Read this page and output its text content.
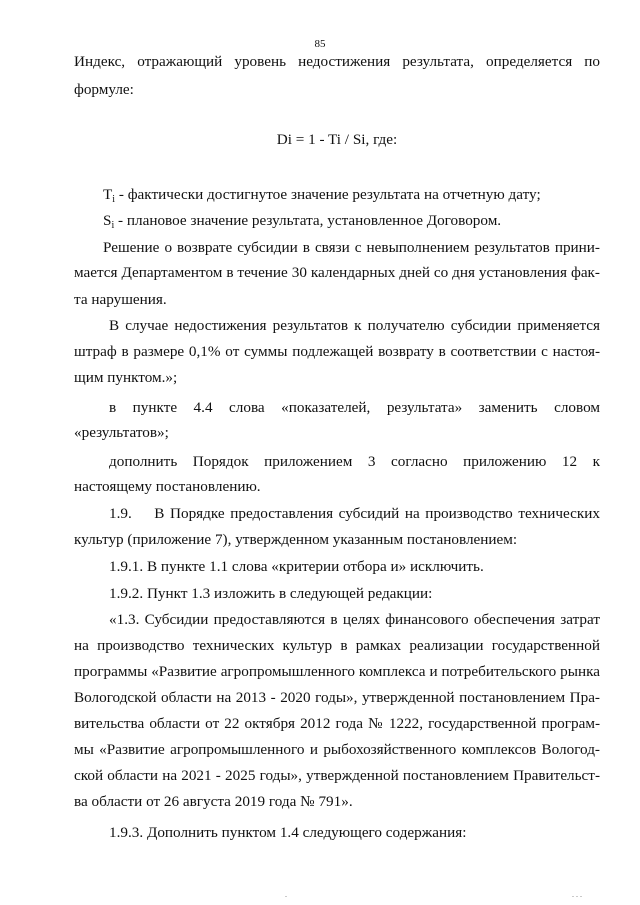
85

Индекс, отражающий уровень недостижения результата, определяется по

формуле:

Di = 1 - Ti / Si, где:

$T_i$ - фактически достигнутое значение результата на отчетную дату;

$S_i$ - плановое значение результата, установленное Договором.

Решение о возврате субсидии в связи с невыполнением результатов прини-

мается Департаментом в течение 30 календарных дней со дня установления фак-

та нарушения.

В случае недостижения результатов к получателю субсидии применяется

штраф в размере 0,1% от суммы подлежащей возврату в соответствии с настоя-

щим пунктом.»;

в пункте 4.4 слова «показателей, результата» заменить словом

«результатов»;

дополнить Порядок приложением 3 согласно приложению 12 к

настоящему постановлению.

1.9.    В Порядке предоставления субсидий на производство технических

культур (приложение 7), утвержденном указанным постановлением:

1.9.1. В пункте 1.1 слова «критерии отбора и» исключить.

1.9.2. Пункт 1.3 изложить в следующей редакции:

«1.3. Субсидии предоставляются в целях финансового обеспечения затрат

на производство технических культур в рамках реализации государственной

программы «Развитие агропромышленного комплекса и потребительского рынка

Вологодской области на 2013 - 2020 годы», утвержденной постановлением Пра-

вительства области от 22 октября 2012 года № 1222, государственной програм-

мы «Развитие агропромышленного и рыбохозяйственного комплексов Вологод-

ской области на 2021 - 2025 годы», утвержденной постановлением Правительст-

ва области от 26 августа 2019 года № 791».

1.9.3. Дополнить пунктом 1.4 следующего содержания:

.	. . .
